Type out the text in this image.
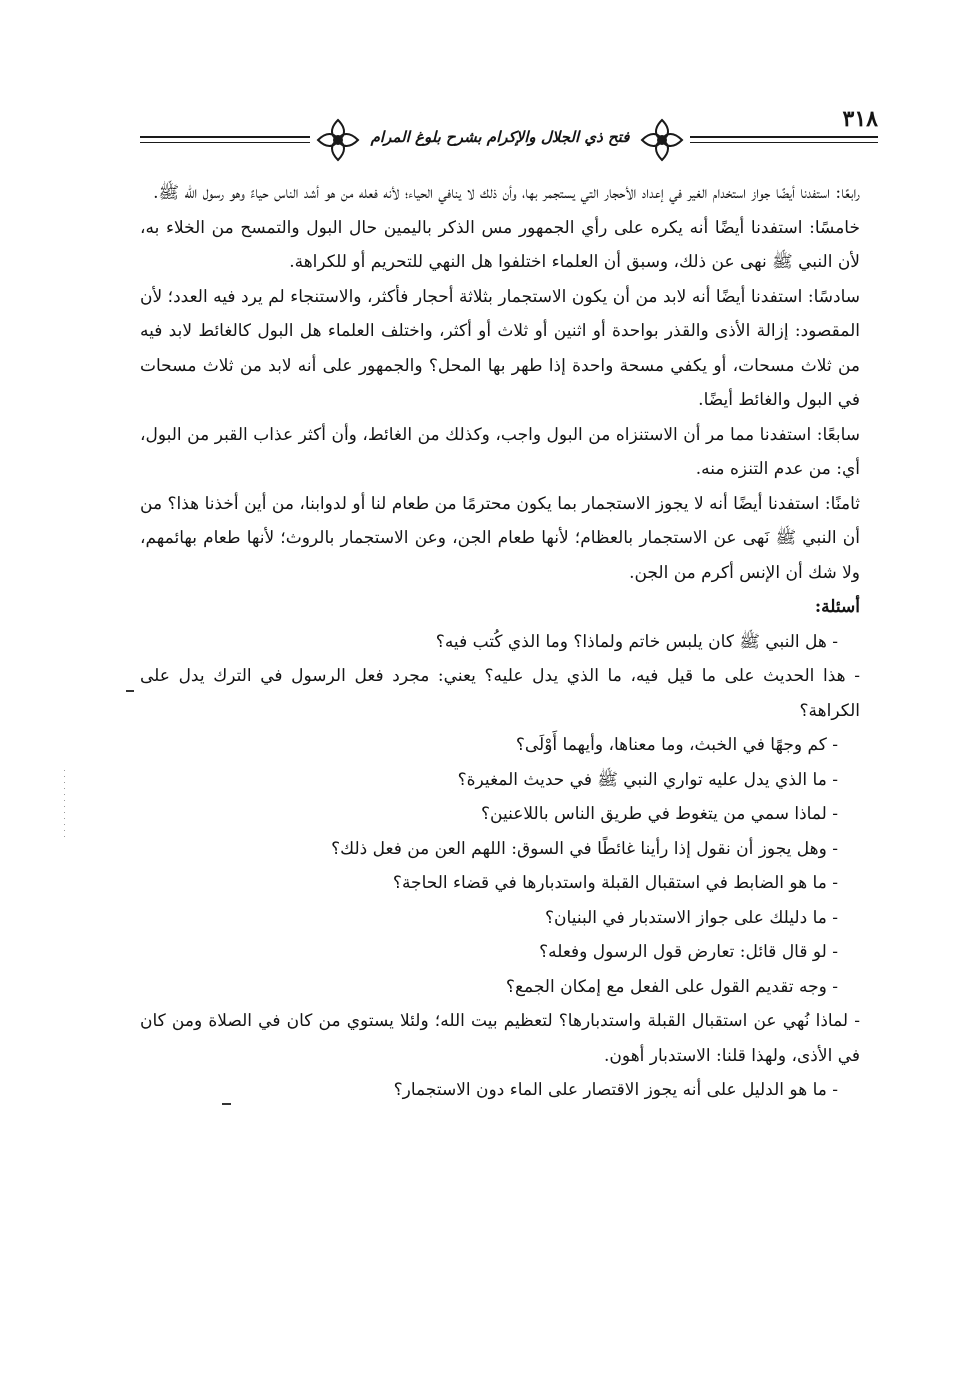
فتح ذي الجلال والإكرام بشرح بلوغ المرام
٣١٨

رابعًا: استفدنا أيضًا جواز استخدام الغير في إعداد الأحجار التي يستجمر بها، وأن ذلك لا ينافي الحياء؛ لأنه فعله من هو أشد الناس حياءً وهو رسول الله ﷺ.

خامسًا: استفدنا أيضًا أنه يكره على رأي الجمهور مس الذكر باليمين حال البول والتمسح من الخلاء به، لأن النبي ﷺ نهى عن ذلك، وسبق أن العلماء اختلفوا هل النهي للتحريم أو للكراهة.

سادسًا: استفدنا أيضًا أنه لابد من أن يكون الاستجمار بثلاثة أحجار فأكثر، والاستنجاء لم يرد فيه العدد؛ لأن المقصود: إزالة الأذى والقذر بواحدة أو اثنين أو ثلاث أو أكثر، واختلف العلماء هل البول كالغائط لابد فيه من ثلاث مسحات، أو يكفي مسحة واحدة إذا طهر بها المحل؟ والجمهور على أنه لابد من ثلاث مسحات في البول والغائط أيضًا.

سابعًا: استفدنا مما مر أن الاستنزاه من البول واجب، وكذلك من الغائط، وأن أكثر عذاب القبر من البول، أي: من عدم التنزه منه.

ثامنًا: استفدنا أيضًا أنه لا يجوز الاستجمار بما يكون محترمًا من طعام لنا أو لدوابنا، من أين أخذنا هذا؟ من أن النبي ﷺ نَهى عن الاستجمار بالعظام؛ لأنها طعام الجن، وعن الاستجمار بالروث؛ لأنها طعام بهائمهم، ولا شك أن الإنس أكرم من الجن.

أسئلة:

- هل النبي ﷺ كان يلبس خاتم ولماذا؟ وما الذي كُتب فيه؟
- هذا الحديث على ما قيل فيه، ما الذي يدل عليه؟ يعني: مجرد فعل الرسول في الترك يدل على الكراهة؟
- كم وجهًا في الخبث، وما معناها، وأيهما أَوْلَى؟
- ما الذي يدل عليه تواري النبي ﷺ في حديث المغيرة؟
- لماذا سمي من يتغوط في طريق الناس باللاعنين؟
- وهل يجوز أن نقول إذا رأينا غائطًا في السوق: اللهم العن من فعل ذلك؟
- ما هو الضابط في استقبال القبلة واستدبارها في قضاء الحاجة؟
- ما دليلك على جواز الاستدبار في البنيان؟
- لو قال قائل: تعارض قول الرسول وفعله؟
- وجه تقديم القول على الفعل مع إمكان الجمع؟
- لماذا نُهي عن استقبال القبلة واستدبارها؟ لتعظيم بيت الله؛ ولئلا يستوي من كان في الصلاة ومن كان في الأذى، ولهذا قلنا: الاستدبار أهون.
- ما هو الدليل على أنه يجوز الاقتصار على الماء دون الاستجمار؟
